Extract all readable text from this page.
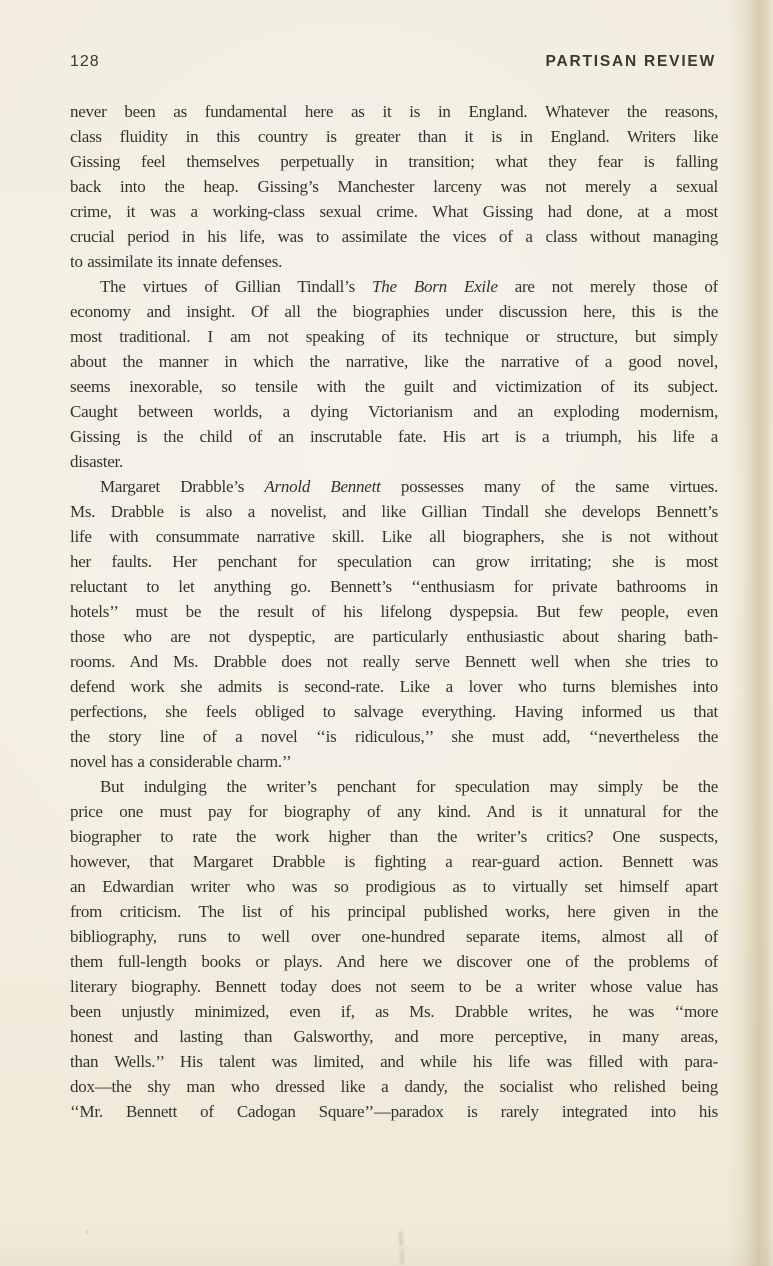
128	PARTISAN REVIEW
never been as fundamental here as it is in England. Whatever the reasons,
class fluidity in this country is greater than it is in England. Writers like
Gissing feel themselves perpetually in transition; what they fear is falling
back into the heap. Gissing’s Manchester larceny was not merely a sexual
crime, it was a working-class sexual crime. What Gissing had done, at a most
crucial period in his life, was to assimilate the vices of a class without managing
to assimilate its innate defenses.
The virtues of Gillian Tindall’s The Born Exile are not merely those of
economy and insight. Of all the biographies under discussion here, this is the
most traditional. I am not speaking of its technique or structure, but simply
about the manner in which the narrative, like the narrative of a good novel,
seems inexorable, so tensile with the guilt and victimization of its subject.
Caught between worlds, a dying Victorianism and an exploding modernism,
Gissing is the child of an inscrutable fate. His art is a triumph, his life a
disaster.
Margaret Drabble’s Arnold Bennett possesses many of the same virtues.
Ms. Drabble is also a novelist, and like Gillian Tindall she develops Bennett’s
life with consummate narrative skill. Like all biographers, she is not without
her faults. Her penchant for speculation can grow irritating; she is most
reluctant to let anything go. Bennett’s ‘‘enthusiasm for private bathrooms in
hotels’’ must be the result of his lifelong dyspepsia. But few people, even
those who are not dyspeptic, are particularly enthusiastic about sharing bath-
rooms. And Ms. Drabble does not really serve Bennett well when she tries to
defend work she admits is second-rate. Like a lover who turns blemishes into
perfections, she feels obliged to salvage everything. Having informed us that
the story line of a novel ‘‘is ridiculous,’’ she must add, ‘‘nevertheless the
novel has a considerable charm.’’
But indulging the writer’s penchant for speculation may simply be the
price one must pay for biography of any kind. And is it unnatural for the
biographer to rate the work higher than the writer’s critics? One suspects,
however, that Margaret Drabble is fighting a rear-guard action. Bennett was
an Edwardian writer who was so prodigious as to virtually set himself apart
from criticism. The list of his principal published works, here given in the
bibliography, runs to well over one-hundred separate items, almost all of
them full-length books or plays. And here we discover one of the problems of
literary biography. Bennett today does not seem to be a writer whose value has
been unjustly minimized, even if, as Ms. Drabble writes, he was ‘‘more
honest and lasting than Galsworthy, and more perceptive, in many areas,
than Wells.’’ His talent was limited, and while his life was filled with para-
dox—the shy man who dressed like a dandy, the socialist who relished being
‘‘Mr. Bennett of Cadogan Square’’—paradox is rarely integrated into his
